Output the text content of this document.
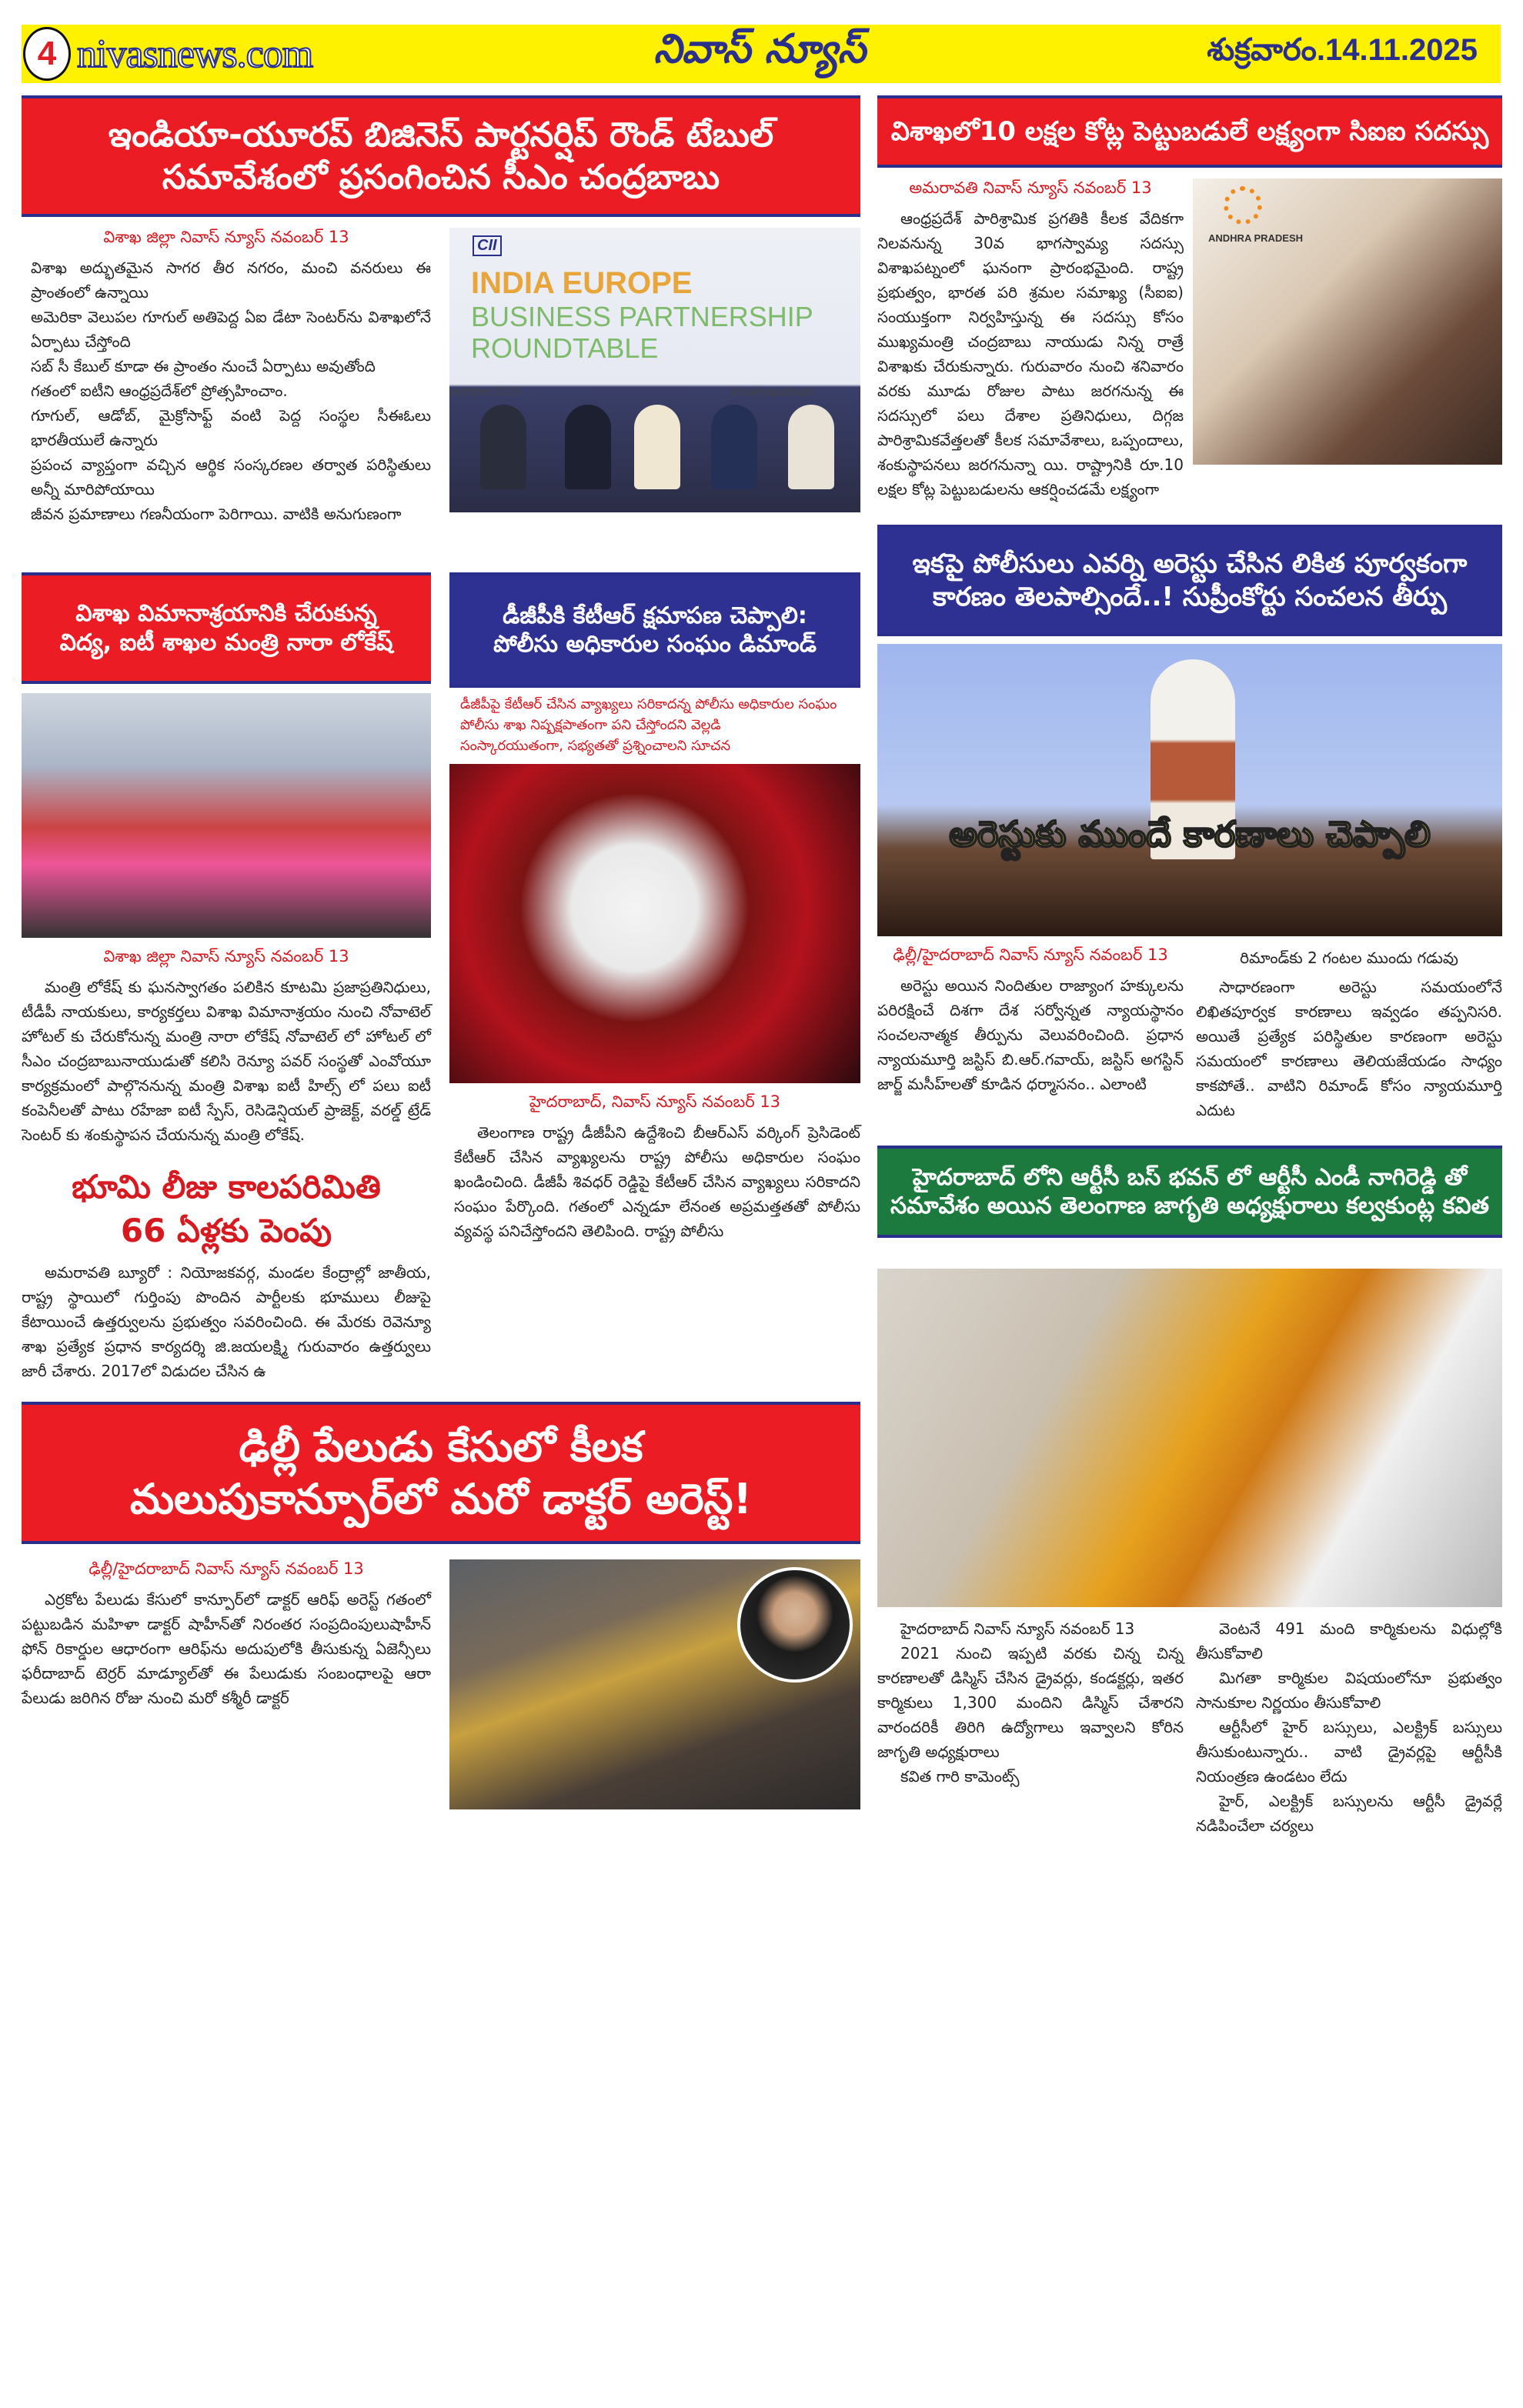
4 nivasnews.com	నివాస్ న్యూస్	శుక్రవారం.14.11.2025
ఇండియా-యూరప్ బిజినెస్ పార్టనర్షిప్ రౌండ్ టేబుల్
సమావేశంలో ప్రసంగించిన సీఎం చంద్రబాబు
విశాఖ జిల్లా నివాస్ న్యూస్ నవంబర్ 13
విశాఖ అద్భుతమైన సాగర తీర నగరం, మంచి వనరులు ఈ ప్రాంతంలో ఉన్నాయి
అమెరికా వెలుపల గూగుల్ అతిపెద్ద ఏఐ డేటా సెంటర్‌ను విశాఖలోనే ఏర్పాటు చేస్తోంది
సబ్ సీ కేబుల్ కూడా ఈ ప్రాంతం నుంచే ఏర్పాటు అవుతోంది
గతంలో ఐటీని ఆంధ్రప్రదేశ్‌లో ప్రోత్సహించాం.
గూగుల్, ఆడోబ్, మైక్రోసాఫ్ట్ వంటి పెద్ద సంస్థల సీఈఓలు భారతీయులే ఉన్నారు
ప్రపంచ వ్యాప్తంగా వచ్చిన ఆర్థిక సంస్కరణల తర్వాత పరిస్థితులు అన్నీ మారిపోయాయి
జీవన ప్రమాణాలు గణనీయంగా పెరిగాయి. వాటికి అనుగుణంగా
CII
INDIA EUROPE
BUSINESS PARTNERSHIP
ROUNDTABLE
vember 2025	Visakhapatnam
విశాఖ విమానాశ్రయానికి చేరుకున్న
విద్య, ఐటీ శాఖల మంత్రి నారా లోకేష్
విశాఖ జిల్లా నివాస్ న్యూస్ నవంబర్ 13

మంత్రి లోకేష్ కు ఘనస్వాగతం పలికిన కూటమి ప్రజాప్రతినిధులు, టీడీపీ నాయకులు, కార్యకర్తలు విశాఖ విమానాశ్రయం నుంచి నోవాటెల్ హోటల్ కు చేరుకోనున్న మంత్రి నారా లోకేష్ నోవాటెల్ లో హోటల్ లో సీఎం చంద్రబాబునాయుడుతో కలిసి రెన్యూ పవర్ సంస్థతో ఎంవోయూ కార్యక్రమంలో పాల్గొననున్న మంత్రి విశాఖ ఐటీ హిల్స్ లో పలు ఐటీ కంపెనీలతో పాటు రహేజా ఐటీ స్పేస్, రెసిడెన్షియల్ ప్రాజెక్ట్, వరల్డ్ ట్రేడ్ సెంటర్ కు శంకుస్థాపన చేయనున్న మంత్రి లోకేష్.

భూమి లీజు కాలపరిమితి
66 ఏళ్లకు పెంపు

అమరావతి బ్యూరో : నియోజకవర్గ, మండల కేంద్రాల్లో జాతీయ, రాష్ట్ర స్థాయిలో గుర్తింపు పొందిన పార్టీలకు భూములు లీజుపై కేటాయించే ఉత్తర్వులను ప్రభుత్వం సవరించింది. ఈ మేరకు రెవెన్యూ శాఖ ప్రత్యేక ప్రధాన కార్యదర్శి జి.జయలక్ష్మి గురువారం ఉత్తర్వులు జారీ చేశారు. 2017లో విడుదల చేసిన ఉ

డీజీపీకి కేటీఆర్ క్షమాపణ చెప్పాలి:
పోలీసు అధికారుల సంఘం డిమాండ్
డీజీపీపై కేటీఆర్ చేసిన వ్యాఖ్యలు సరికాదన్న పోలీసు అధికారుల సంఘం
పోలీసు శాఖ నిష్పక్షపాతంగా పని చేస్తోందని వెల్లడి
సంస్కారయుతంగా, సభ్యతతో ప్రశ్నించాలని సూచన
హైదరాబాద్, నివాస్ న్యూస్ నవంబర్ 13

తెలంగాణ రాష్ట్ర డీజీపీని ఉద్దేశించి బీఆర్ఎస్ వర్కింగ్ ప్రెసిడెంట్ కేటీఆర్ చేసిన వ్యాఖ్యలను రాష్ట్ర పోలీసు అధికారుల సంఘం ఖండించింది. డీజీపీ శివధర్ రెడ్డిపై కేటీఆర్ చేసిన వ్యాఖ్యలు సరికాదని సంఘం పేర్కొంది. గతంలో ఎన్నడూ లేనంత అప్రమత్తతతో పోలీసు వ్యవస్థ పనిచేస్తోందని తెలిపింది. రాష్ట్ర పోలీసు

ఢిల్లీ పేలుడు కేసులో కీలక
మలుపుకాన్పూర్‌లో మరో డాక్టర్ అరెస్ట్!
ఢిల్లీ/హైదరాబాద్ నివాస్ న్యూస్ నవంబర్ 13

ఎర్రకోట పేలుడు కేసులో కాన్పూర్‌లో డాక్టర్ ఆరిఫ్ అరెస్ట్ గతంలో పట్టుబడిన మహిళా డాక్టర్ షాహీన్‌తో నిరంతర సంప్రదింపులుషాహీన్ ఫోన్ రికార్డుల ఆధారంగా ఆరిఫ్‌ను అదుపులోకి తీసుకున్న ఏజెన్సీలు ఫరీదాబాద్ టెర్రర్ మాడ్యూల్‌తో ఈ పేలుడుకు సంబంధాలపై ఆరా పేలుడు జరిగిన రోజు నుంచి మరో కశ్మీరీ డాక్టర్

విశాఖలో10 లక్షల కోట్ల పెట్టుబడులే లక్ష్యంగా సిఐఐ సదస్సు
అమరావతి నివాస్ న్యూస్ నవంబర్ 13

ఆంధ్రప్రదేశ్ పారిశ్రామిక ప్రగతికి కీలక వేదికగా నిలవనున్న 30వ భాగస్వామ్య సదస్సు విశాఖపట్నంలో ఘనంగా ప్రారంభమైంది. రాష్ట్ర ప్రభుత్వం, భారత పరి శ్రమల సమాఖ్య (సీఐఐ) సంయుక్తంగా నిర్వహిస్తున్న ఈ సదస్సు కోసం ముఖ్యమంత్రి చంద్రబాబు నాయుడు నిన్న రాత్రే విశాఖకు చేరుకున్నారు. గురువారం నుంచి శనివారం వరకు మూడు రోజుల పాటు జరగనున్న ఈ సదస్సులో పలు దేశాల ప్రతినిధులు, దిగ్గజ పారిశ్రామికవేత్తలతో కీలక సమావేశాలు, ఒప్పందాలు, శంకుస్థాపనలు జరగనున్నా యి. రాష్ట్రానికి రూ.10 లక్షల కోట్ల పెట్టుబడులను ఆకర్షించడమే లక్ష్యంగా

ANDHRA PRADESH
ఇకపై పోలీసులు ఎవర్ని అరెస్టు చేసిన లికిత పూర్వకంగా
కారణం తెలపాల్సిందే..! సుప్రీంకోర్టు సంచలన తీర్పు
అరెస్టుకు ముందే కారణాలు చెప్పాలి
ఢిల్లీ/హైదరాబాద్ నివాస్ న్యూస్ నవంబర్ 13

అరెస్టు అయిన నిందితుల రాజ్యాంగ హక్కులను పరిరక్షించే దిశగా దేశ సర్వోన్నత న్యాయస్థానం సంచలనాత్మక తీర్పును వెలువరించింది. ప్రధాన న్యాయమూర్తి జస్టిస్ బి.ఆర్.గవాయ్, జస్టిస్ అగస్టిన్ జార్జ్ మసీహ్‌లతో కూడిన ధర్మాసనం.. ఎలాంటి

రిమాండ్‌కు 2 గంటల ముందు గడువు

సాధారణంగా అరెస్టు సమయంలోనే లిఖితపూర్వక కారణాలు ఇవ్వడం తప్పనిసరి. అయితే ప్రత్యేక పరిస్థితుల కారణంగా అరెస్టు సమయంలో కారణాలు తెలియజేయడం సాధ్యం కాకపోతే.. వాటిని రిమాండ్ కోసం న్యాయమూర్తి ఎదుట

హైదరాబాద్ లోని ఆర్టీసీ బస్ భవన్ లో ఆర్టీసీ ఎండీ నాగిరెడ్డి తో
సమావేశం అయిన తెలంగాణ జాగృతి అధ్యక్షురాలు కల్వకుంట్ల కవిత

హైదరాబాద్ నివాస్ న్యూస్ నవంబర్ 13

2021 నుంచి ఇప్పటి వరకు చిన్న చిన్న కారణాలతో డిస్మిస్ చేసిన డ్రైవర్లు, కండక్టర్లు, ఇతర కార్మికులు 1,300 మందిని డిస్మిస్ చేశారని వారందరికీ తిరిగి ఉద్యోగాలు ఇవ్వాలని కోరిన జాగృతి అధ్యక్షురాలు

కవిత గారి కామెంట్స్

వెంటనే 491 మంది కార్మికులను విధుల్లోకి తీసుకోవాలి

మిగతా కార్మికుల విషయంలోనూ ప్రభుత్వం సానుకూల నిర్ణయం తీసుకోవాలి

ఆర్టీసీలో హైర్ బస్సులు, ఎలక్ట్రిక్ బస్సులు తీసుకుంటున్నారు.. వాటి డ్రైవర్లపై ఆర్టీసీకి నియంత్రణ ఉండటం లేదు

హైర్, ఎలక్ట్రిక్ బస్సులను ఆర్టీసీ డ్రైవర్లే నడిపించేలా చర్యలు
